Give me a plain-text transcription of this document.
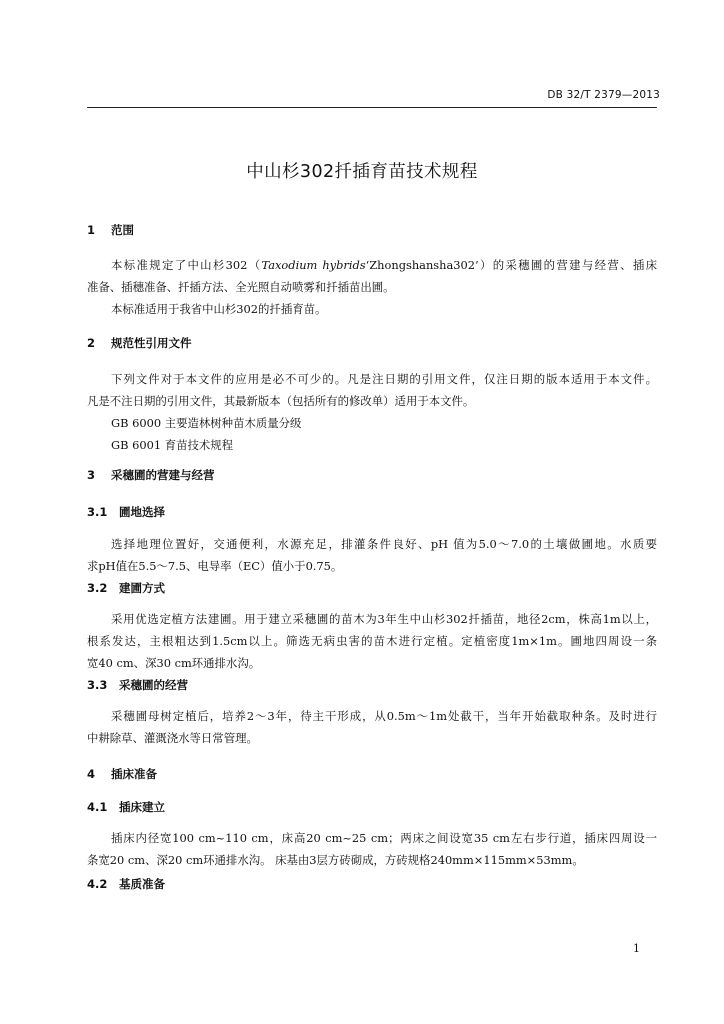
DB 32/T 2379—2013
中山杉302扦插育苗技术规程
1 范围
本标准规定了中山杉302（Taxodium hybrids‘Zhongshansha302’）的采穗圃的营建与经营、插床
准备、插穗准备、扦插方法、全光照自动喷雾和扦插苗出圃。
本标准适用于我省中山杉302的扦插育苗。
2 规范性引用文件
下列文件对于本文件的应用是必不可少的。凡是注日期的引用文件，仅注日期的版本适用于本文件。
凡是不注日期的引用文件，其最新版本（包括所有的修改单）适用于本文件。
GB 6000 主要造林树种苗木质量分级
GB 6001 育苗技术规程
3 采穗圃的营建与经营
3.1 圃地选择
选择地理位置好，交通便利，水源充足，排灌条件良好、pH 值为5.0～7.0的土壤做圃地。水质要
求pH值在5.5～7.5、电导率（EC）值小于0.75。
3.2 建圃方式
采用优选定植方法建圃。用于建立采穗圃的苗木为3年生中山杉302扦插苗，地径2cm，株高1m以上，
根系发达，主根粗达到1.5cm以上。筛选无病虫害的苗木进行定植。定植密度1m×1m。圃地四周设一条
宽40 cm、深30 cm环通排水沟。
3.3 采穗圃的经营
采穗圃母树定植后，培养2～3年，待主干形成，从0.5m～1m处截干，当年开始截取种条。及时进行
中耕除草、灌溉浇水等日常管理。
4 插床准备
4.1 插床建立
插床内径宽100 cm~110 cm，床高20 cm~25 cm；两床之间设宽35 cm左右步行道，插床四周设一
条宽20 cm、深20 cm环通排水沟。 床基由3层方砖砌成，方砖规格240mm×115mm×53mm。
4.2 基质准备
1
